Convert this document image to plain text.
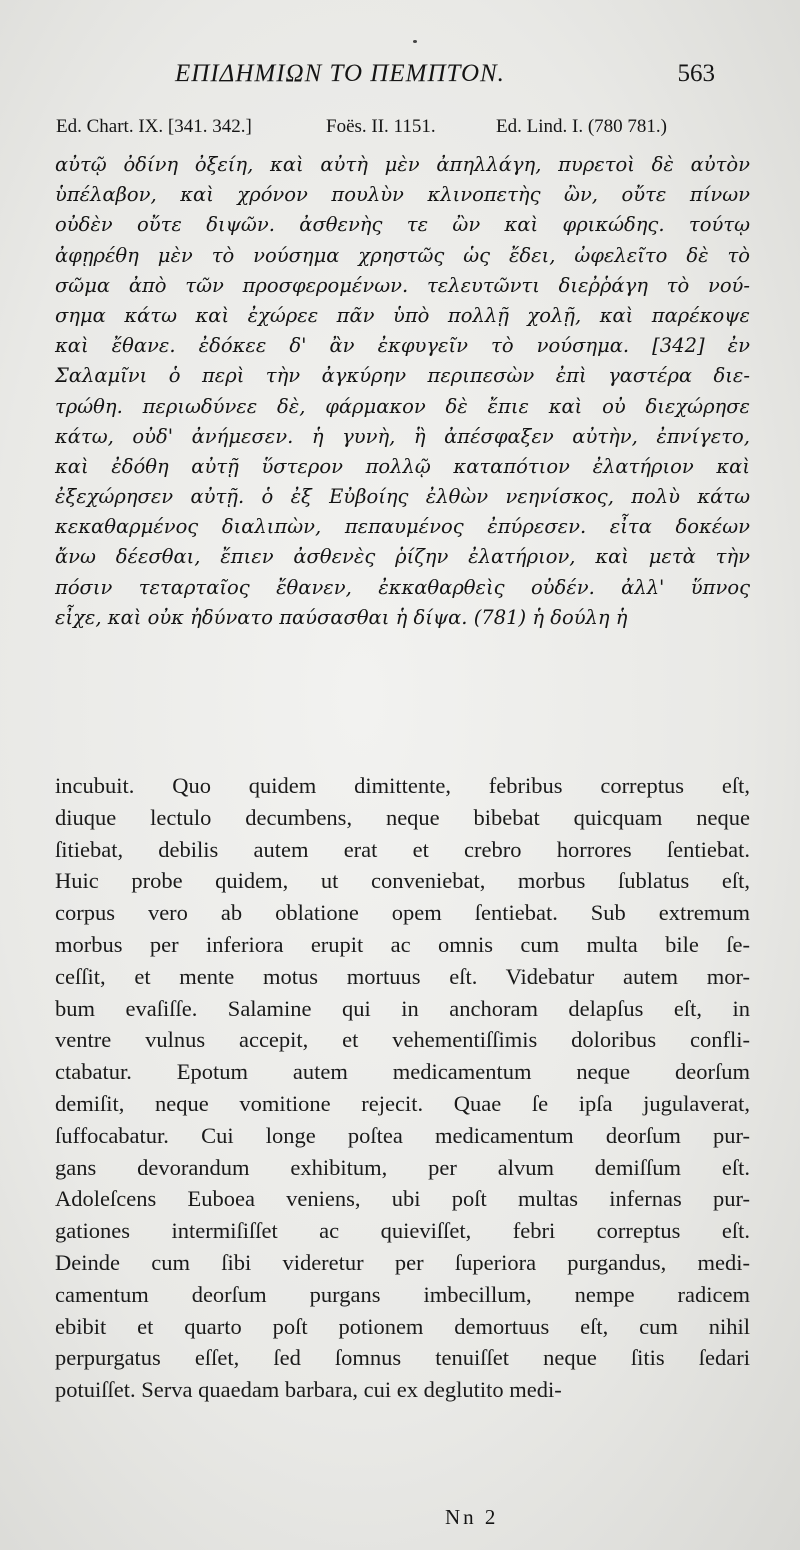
ΕΠΙΔΗΜΙΩΝ ΤΟ ΠΕΜΠΤΟΝ.	563
Ed. Chart. IX. [341. 342.]	Foës. II. 1151.	Ed. Lind. I. (780 781.)
αὐτῷ ὀδίνη ὀξείη, καὶ αὐτὴ μὲν ἀπηλλάγη, πυρετοὶ δὲ αὐτὸν
ὑπέλαβον, καὶ χρόνον πουλὺν κλινοπετὴς ὢν, οὔτε πίνων
οὐδὲν οὔτε διψῶν. ἀσθενὴς τε ὢν καὶ φρικώδης. τούτῳ
ἀφῃρέθη μὲν τὸ νούσημα χρηστῶς ὡς ἔδει, ὠφελεῖτο δὲ τὸ
σῶμα ἀπὸ τῶν προσφερομένων. τελευτῶντι διεῤῥάγη τὸ νού-
σημα κάτω καὶ ἐχώρεε πᾶν ὑπὸ πολλῇ χολῇ, καὶ παρέκοψε
καὶ ἔθανε. ἐδόκεε δ' ἂν ἐκφυγεῖν τὸ νούσημα. [342] ἐν
Σαλαμῖνι ὁ περὶ τὴν ἀγκύρην περιπεσὼν ἐπὶ γαστέρα διε-
τρώθη. περιωδύνεε δὲ, φάρμακον δὲ ἔπιε καὶ οὐ διεχώρησε
κάτω, οὐδ' ἀνήμεσεν. ἡ γυνὴ, ἣ ἀπέσφαξεν αὐτὴν, ἐπνίγετο,
καὶ ἐδόθη αὐτῇ ὕστερον πολλῷ καταπότιον ἐλατήριον καὶ
ἐξεχώρησεν αὐτῇ. ὁ ἐξ Εὐβοίης ἐλθὼν νεηνίσκος, πολὺ κάτω
κεκαθαρμένος διαλιπὼν, πεπαυμένος ἐπύρεσεν. εἶτα δοκέων
ἄνω δέεσθαι, ἔπιεν ἀσθενὲς ῥίζην ἐλατήριον, καὶ μετὰ τὴν
πόσιν τεταρταῖος ἔθανεν, ἐκκαθαρθεὶς οὐδέν. ἀλλ' ὕπνος
εἶχε, καὶ οὐκ ἠδύνατο παύσασθαι ἡ δίψα. (781) ἡ δούλη ἡ
incubuit. Quo quidem dimittente, febribus correptus eſt,
diuque lectulo decumbens, neque bibebat quicquam neque
ſitiebat, debilis autem erat et crebro horrores ſentiebat.
Huic probe quidem, ut conveniebat, morbus ſublatus eſt,
corpus vero ab oblatione opem ſentiebat. Sub extremum
morbus per inferiora erupit ac omnis cum multa bile ſe-
ceſſit, et mente motus mortuus eſt. Videbatur autem mor-
bum evaſiſſe. Salamine qui in anchoram delapſus eſt, in
ventre vulnus accepit, et vehementiſſimis doloribus confli-
ctabatur. Epotum autem medicamentum neque deorſum
demiſit, neque vomitione rejecit. Quae ſe ipſa jugulaverat,
ſuffocabatur. Cui longe poſtea medicamentum deorſum pur-
gans devorandum exhibitum, per alvum demiſſum eſt.
Adoleſcens Euboea veniens, ubi poſt multas infernas pur-
gationes intermiſiſſet ac quieviſſet, febri correptus eſt.
Deinde cum ſibi videretur per ſuperiora purgandus, medi-
camentum deorſum purgans imbecillum, nempe radicem
ebibit et quarto poſt potionem demortuus eſt, cum nihil
perpurgatus eſſet, ſed ſomnus tenuiſſet neque ſitis ſedari
potuiſſet. Serva quaedam barbara, cui ex deglutito medi-
Nn 2
